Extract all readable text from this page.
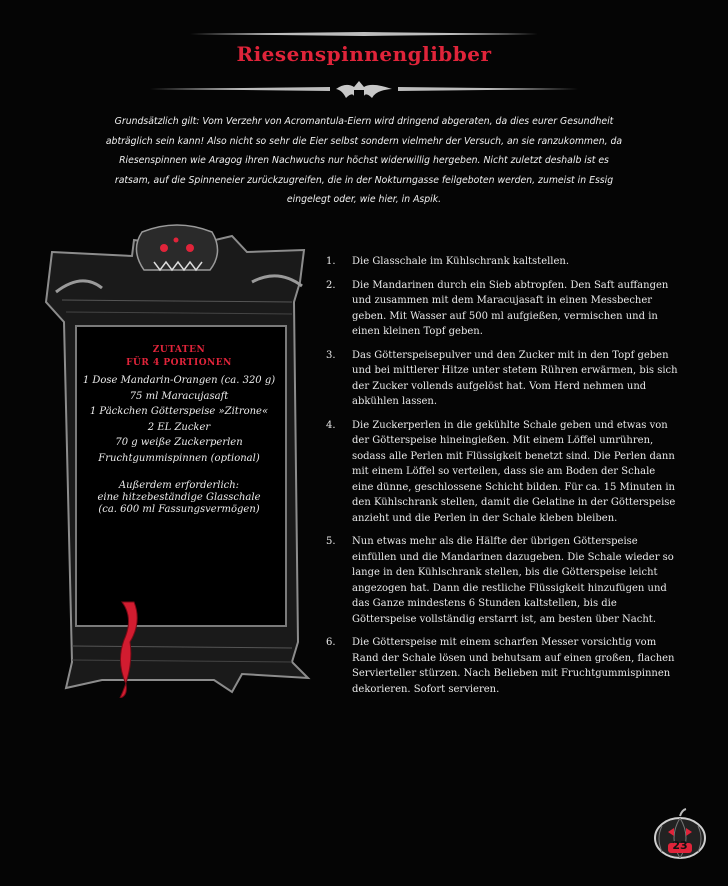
Riesenspinnenglibber
Grundsätzlich gilt: Vom Verzehr von Acromantula-Eiern wird dringend abgeraten, da dies eurer Gesundheit abträglich sein kann! Also nicht so sehr die Eier selbst sondern vielmehr der Versuch, an sie ranzukommen, da Riesenspinnen wie Aragog ihren Nachwuchs nur höchst widerwillig hergeben. Nicht zuletzt deshalb ist es ratsam, auf die Spinneneier zurückzugreifen, die in der Nokturngasse feilgeboten werden, zumeist in Essig eingelegt oder, wie hier, in Aspik.
ZUTATEN
FÜR 4 PORTIONEN
1 Dose Mandarin-Orangen (ca. 320 g)
75 ml Maracujasaft
1 Päckchen Götterspeise »Zitrone«
2 EL Zucker
70 g weiße Zuckerperlen
Fruchtgummispinnen (optional)
Außerdem erforderlich:
eine hitzebeständige Glasschale
(ca. 600 ml Fassungsvermögen)
1. Die Glasschale im Kühlschrank kaltstellen.
2. Die Mandarinen durch ein Sieb abtropfen. Den Saft auffangen und zusammen mit dem Maracujasaft in einen Messbecher geben. Mit Wasser auf 500 ml aufgießen, vermischen und in einen kleinen Topf geben.
3. Das Götterspeisepulver und den Zucker mit in den Topf geben und bei mittlerer Hitze unter stetem Rühren erwärmen, bis sich der Zucker vollends aufgelöst hat. Vom Herd nehmen und abkühlen lassen.
4. Die Zuckerperlen in die gekühlte Schale geben und etwas von der Götterspeise hineingießen. Mit einem Löffel umrühren, sodass alle Perlen mit Flüssigkeit benetzt sind. Die Perlen dann mit einem Löffel so verteilen, dass sie am Boden der Schale eine dünne, geschlossene Schicht bilden. Für ca. 15 Minuten in den Kühlschrank stellen, damit die Gelatine in der Götterspeise anzieht und die Perlen in der Schale kleben bleiben.
5. Nun etwas mehr als die Hälfte der übrigen Götterspeise einfüllen und die Mandarinen dazugeben. Die Schale wieder so lange in den Kühlschrank stellen, bis die Götterspeise leicht angezogen hat. Dann die restliche Flüssigkeit hinzufügen und das Ganze mindestens 6 Stunden kaltstellen, bis die Götterspeise vollständig erstarrt ist, am besten über Nacht.
6. Die Götterspeise mit einem scharfen Messer vorsichtig vom Rand der Schale lösen und behutsam auf einen großen, flachen Servierteller stürzen. Nach Belieben mit Fruchtgummispinnen dekorieren. Sofort servieren.
23
